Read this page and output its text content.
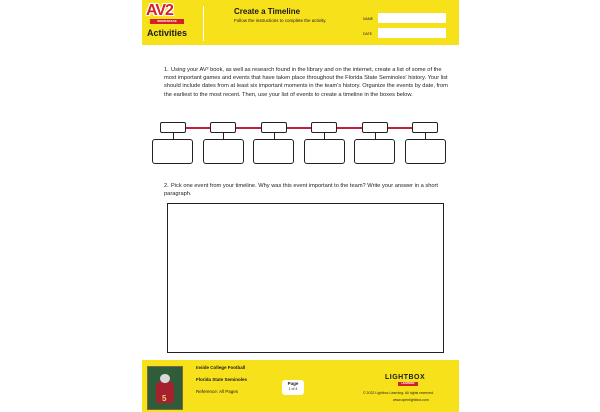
AV2
WORKSPACE
Activities
Create a Timeline
Follow the instructions to complete the activity.	NAME
DATE
1. Using your AV² book, as well as research found in the library and on the internet, create a list of some of the most important games and events that have taken place throughout the Florida State Seminoles' history. Your list should include dates from at least six important moments in the team's history. Organize the events by date, from the earliest to the most recent. Then, use your list of events to create a timeline in the boxes below.
2. Pick one event from your timeline. Why was this event important to the team? Write your answer in a short paragraph.
5
Inside College Football
Florida State Seminoles
Reference: All Pages
Page
1 of 4
LIGHTBOX
LEARNING
© 2022 Lightbox Learning. All rights reserved.
www.openlightbox.com
